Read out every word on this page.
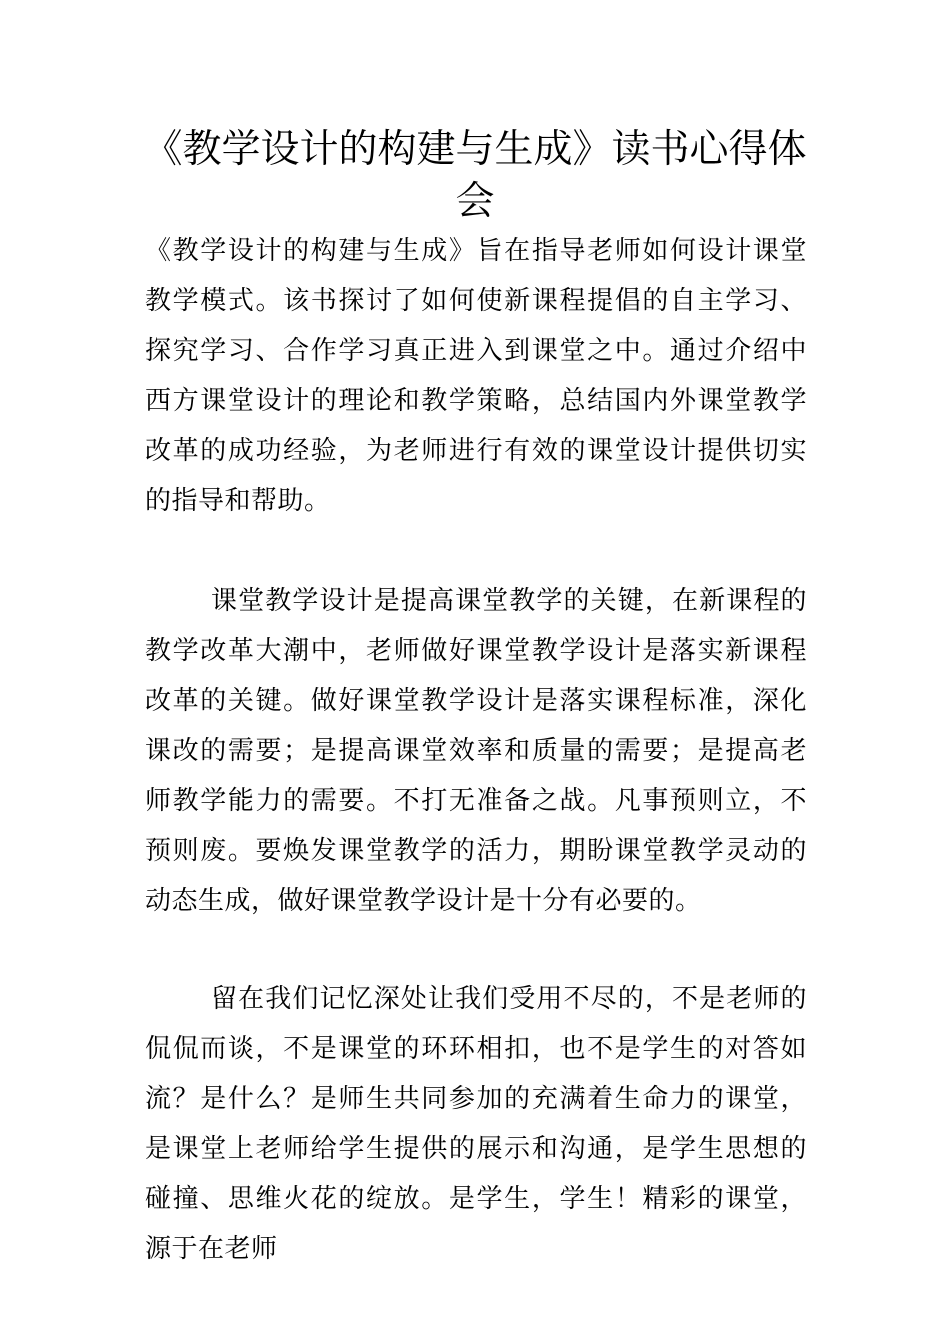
《教学设计的构建与生成》读书心得体会

《教学设计的构建与生成》旨在指导老师如何设计课堂教学模式。该书探讨了如何使新课程提倡的自主学习、探究学习、合作学习真正进入到课堂之中。通过介绍中西方课堂设计的理论和教学策略，总结国内外课堂教学改革的成功经验，为老师进行有效的课堂设计提供切实的指导和帮助。

课堂教学设计是提高课堂教学的关键，在新课程的教学改革大潮中，老师做好课堂教学设计是落实新课程改革的关键。做好课堂教学设计是落实课程标准，深化课改的需要；是提高课堂效率和质量的需要；是提高老师教学能力的需要。不打无准备之战。凡事预则立，不预则废。要焕发课堂教学的活力，期盼课堂教学灵动的动态生成，做好课堂教学设计是十分有必要的。

留在我们记忆深处让我们受用不尽的，不是老师的侃侃而谈，不是课堂的环环相扣，也不是学生的对答如流？是什么？是师生共同参加的充满着生命力的课堂，是课堂上老师给学生提供的展示和沟通，是学生思想的碰撞、思维火花的绽放。是学生，学生！精彩的课堂，源于在老师
